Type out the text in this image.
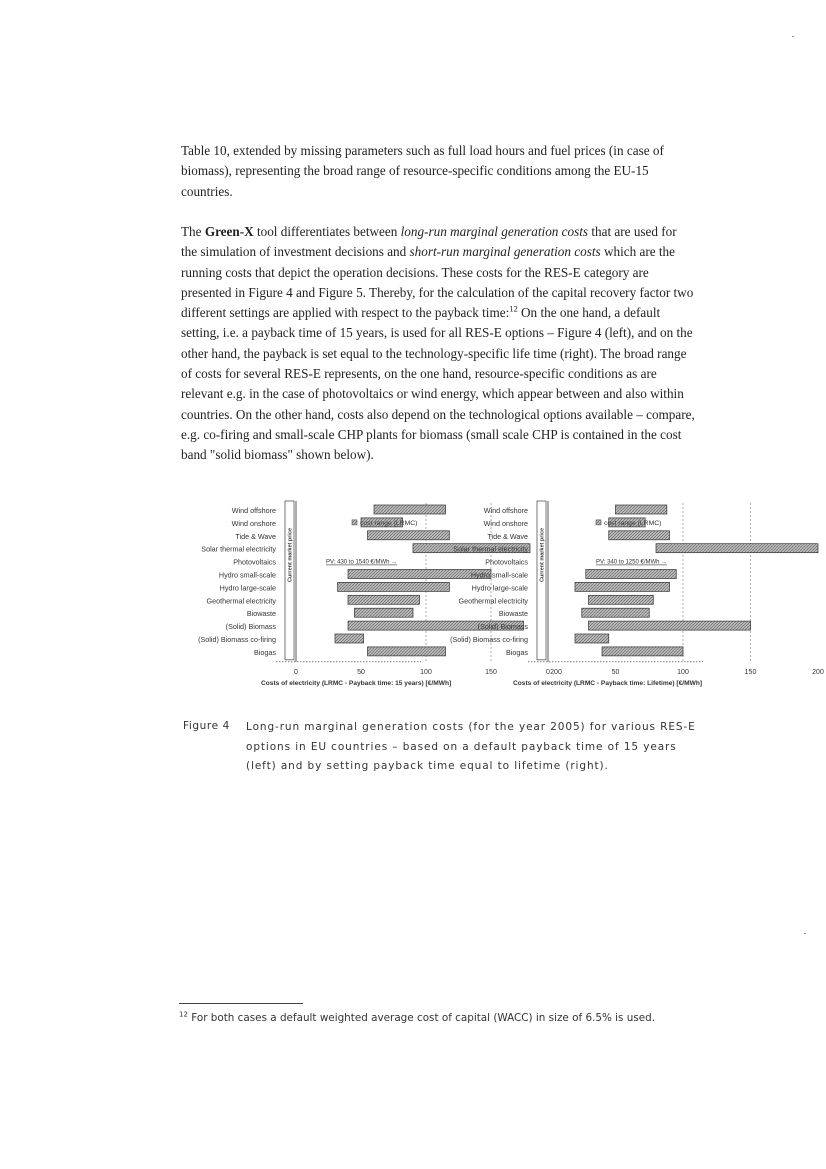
Table 10, extended by missing parameters such as full load hours and fuel prices (in case of biomass), representing the broad range of resource-specific conditions among the EU-15 countries.

The Green-X tool differentiates between long-run marginal generation costs that are used for the simulation of investment decisions and short-run marginal generation costs which are the running costs that depict the operation decisions. These costs for the RES-E category are presented in Figure 4 and Figure 5. Thereby, for the calculation of the capital recovery factor two different settings are applied with respect to the payback time:$^{12}$ On the one hand, a default setting, i.e. a payback time of 15 years, is used for all RES-E options – Figure 4 (left), and on the other hand, the payback is set equal to the technology-specific life time (right). The broad range of costs for several RES-E represents, on the one hand, resource-specific conditions as are relevant e.g. in the case of photovoltaics or wind energy, which appear between and also within countries. On the other hand, costs also depend on the technological options available – compare, e.g. co-firing and small-scale CHP plants for biomass (small scale CHP is contained in the cost band "solid biomass" shown below).

Wind offshore
Wind onshore
Tide & Wave
Solar thermal electricity
Photovoltaics
Hydro small-scale
Hydro large-scale
Geothermal electricity
Biowaste
(Solid) Biomass
(Solid) Biomass co-firing
Biogas
Current market price
cost range (LRMC)
PV: 430 to 1540 €/MWh →
0	50	100	150	200
Costs of electricity (LRMC - Payback time: 15 years) [€/MWh]
Wind offshore
Wind onshore
Tide & Wave
Solar thermal electricity
Photovoltaics
Hydro small-scale
Hydro large-scale
Geothermal electricity
Biowaste
(Solid) Biomass
(Solid) Biomass co-firing
Biogas
Current market price
cost range (LRMC)
PV: 340 to 1250 €/MWh →
0	50	100	150	200
Costs of electricity (LRMC - Payback time: Lifetime) [€/MWh]
Figure 4 Long-run marginal generation costs (for the year 2005) for various RES-E options in EU countries – based on a default payback time of 15 years (left) and by setting payback time equal to lifetime (right).
$^{12}$ For both cases a default weighted average cost of capital (WACC) in size of 6.5% is used.
